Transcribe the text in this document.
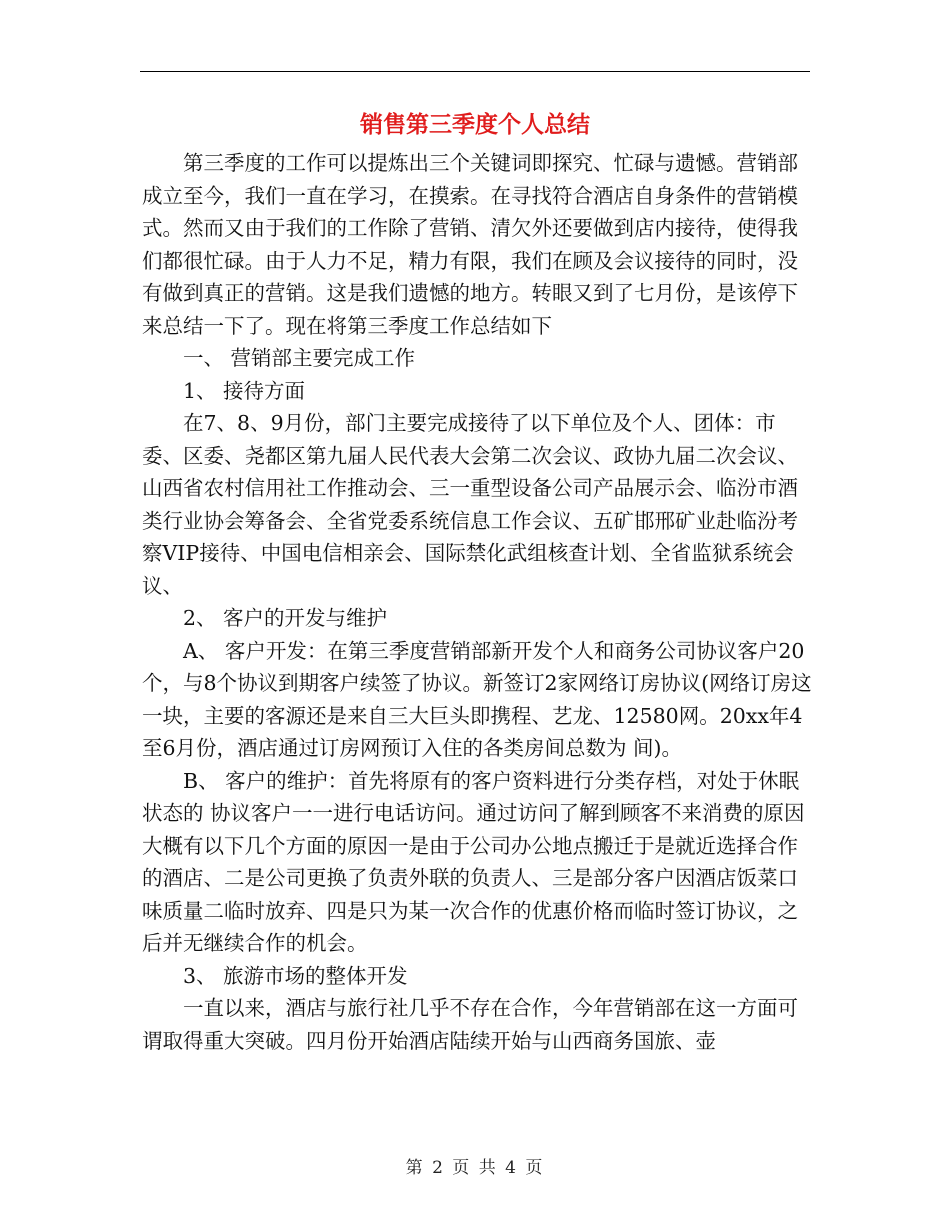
销售第三季度个人总结

第三季度的工作可以提炼出三个关键词即探究、忙碌与遗憾。营销部成立至今，我们一直在学习，在摸索。在寻找符合酒店自身条件的营销模式。然而又由于我们的工作除了营销、清欠外还要做到店内接待，使得我们都很忙碌。由于人力不足，精力有限，我们在顾及会议接待的同时，没有做到真正的营销。这是我们遗憾的地方。转眼又到了七月份，是该停下来总结一下了。现在将第三季度工作总结如下

一、 营销部主要完成工作

1、 接待方面

在7、8、9月份，部门主要完成接待了以下单位及个人、团体：市委、区委、尧都区第九届人民代表大会第二次会议、政协九届二次会议、山西省农村信用社工作推动会、三一重型设备公司产品展示会、临汾市酒类行业协会筹备会、全省党委系统信息工作会议、五矿邯邢矿业赴临汾考察VIP接待、中国电信相亲会、国际禁化武组核查计划、全省监狱系统会议、

2、 客户的开发与维护

A、 客户开发：在第三季度营销部新开发个人和商务公司协议客户20个，与8个协议到期客户续签了协议。新签订2家网络订房协议(网络订房这一块，主要的客源还是来自三大巨头即携程、艺龙、12580网。20xx年4至6月份，酒店通过订房网预订入住的各类房间总数为 间)。

B、 客户的维护：首先将原有的客户资料进行分类存档，对处于休眠状态的 协议客户一一进行电话访问。通过访问了解到顾客不来消费的原因大概有以下几个方面的原因一是由于公司办公地点搬迁于是就近选择合作的酒店、二是公司更换了负责外联的负责人、三是部分客户因酒店饭菜口味质量二临时放弃、四是只为某一次合作的优惠价格而临时签订协议，之后并无继续合作的机会。

3、 旅游市场的整体开发

一直以来，酒店与旅行社几乎不存在合作，今年营销部在这一方面可谓取得重大突破。四月份开始酒店陆续开始与山西商务国旅、壶

第 2 页 共 4 页
